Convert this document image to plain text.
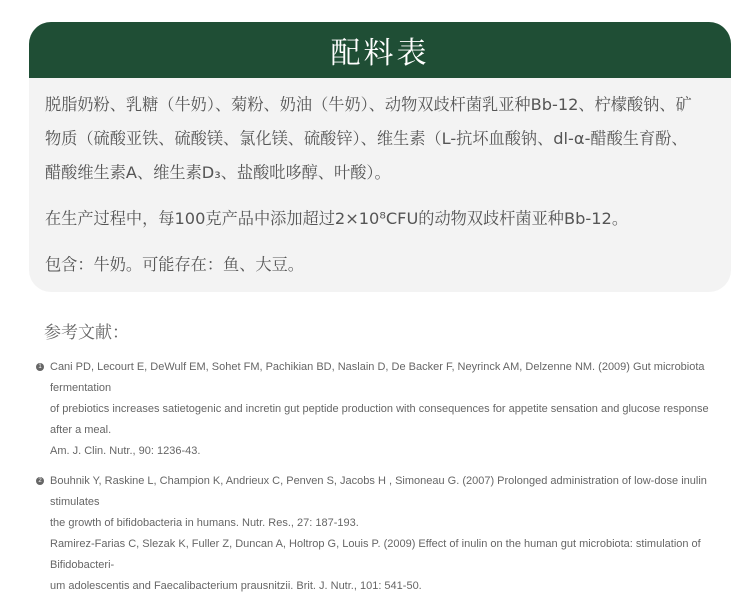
配料表

脱脂奶粉、乳糖（牛奶）、菊粉、奶油（牛奶）、动物双歧杆菌乳亚种Bb-12、柠檬酸钠、矿
物质（硫酸亚铁、硫酸镁、氯化镁、硫酸锌）、维生素（L-抗坏血酸钠、dl-α-醋酸生育酚、
醋酸维生素A、维生素D₃、盐酸吡哆醇、叶酸）。

在生产过程中，每100克产品中添加超过2×10⁸CFU的动物双歧杆菌亚种Bb-12。

包含：牛奶。可能存在：鱼、大豆。

参考文献：

1 Cani PD, Lecourt E, DeWulf EM, Sohet FM, Pachikian BD, Naslain D, De Backer F, Neyrinck AM, Delzenne NM. (2009) Gut microbiota fermentation

of prebiotics increases satietogenic and incretin gut peptide production with consequences for appetite sensation and glucose response after a meal.

Am. J. Clin. Nutr., 90: 1236-43.

2 Bouhnik Y, Raskine L, Champion K, Andrieux C, Penven S, Jacobs H , Simoneau G. (2007) Prolonged administration of low-dose inulin stimulates

the growth of bifidobacteria in humans. Nutr. Res., 27: 187-193.

Ramirez-Farias C, Slezak K, Fuller Z, Duncan A, Holtrop G, Louis P. (2009) Effect of inulin on the human gut microbiota: stimulation of Bifidobacteri-

um adolescentis and Faecalibacterium prausnitzii. Brit. J. Nutr., 101: 541-50.
